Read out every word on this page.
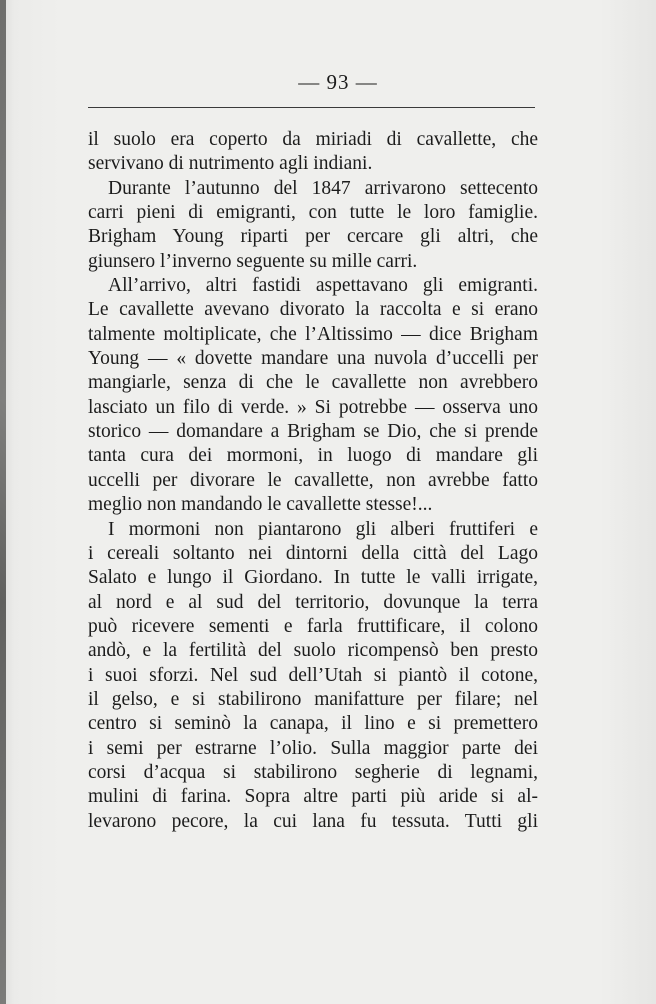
— 93 —
il suolo era coperto da miriadi di cavallette, che
servivano di nutrimento agli indiani.
Durante l’autunno del 1847 arrivarono settecento
carri pieni di emigranti, con tutte le loro famiglie.
Brigham Young riparti per cercare gli altri, che
giunsero l’inverno seguente su mille carri.
All’arrivo, altri fastidi aspettavano gli emigranti.
Le cavallette avevano divorato la raccolta e si erano
talmente moltiplicate, che l’Altissimo — dice Brigham
Young — « dovette mandare una nuvola d’uccelli per
mangiarle, senza di che le cavallette non avrebbero
lasciato un filo di verde. » Si potrebbe — osserva uno
storico — domandare a Brigham se Dio, che si prende
tanta cura dei mormoni, in luogo di mandare gli
uccelli per divorare le cavallette, non avrebbe fatto
meglio non mandando le cavallette stesse!...
I mormoni non piantarono gli alberi fruttiferi e
i cereali soltanto nei dintorni della città del Lago
Salato e lungo il Giordano. In tutte le valli irrigate,
al nord e al sud del territorio, dovunque la terra
può ricevere sementi e farla fruttificare, il colono
andò, e la fertilità del suolo ricompensò ben presto
i suoi sforzi. Nel sud dell’Utah si piantò il cotone,
il gelso, e si stabilirono manifatture per filare; nel
centro si seminò la canapa, il lino e si premettero
i semi per estrarne l’olio. Sulla maggior parte dei
corsi d’acqua si stabilirono segherie di legnami,
mulini di farina. Sopra altre parti più aride si al-
levarono pecore, la cui lana fu tessuta. Tutti gli
